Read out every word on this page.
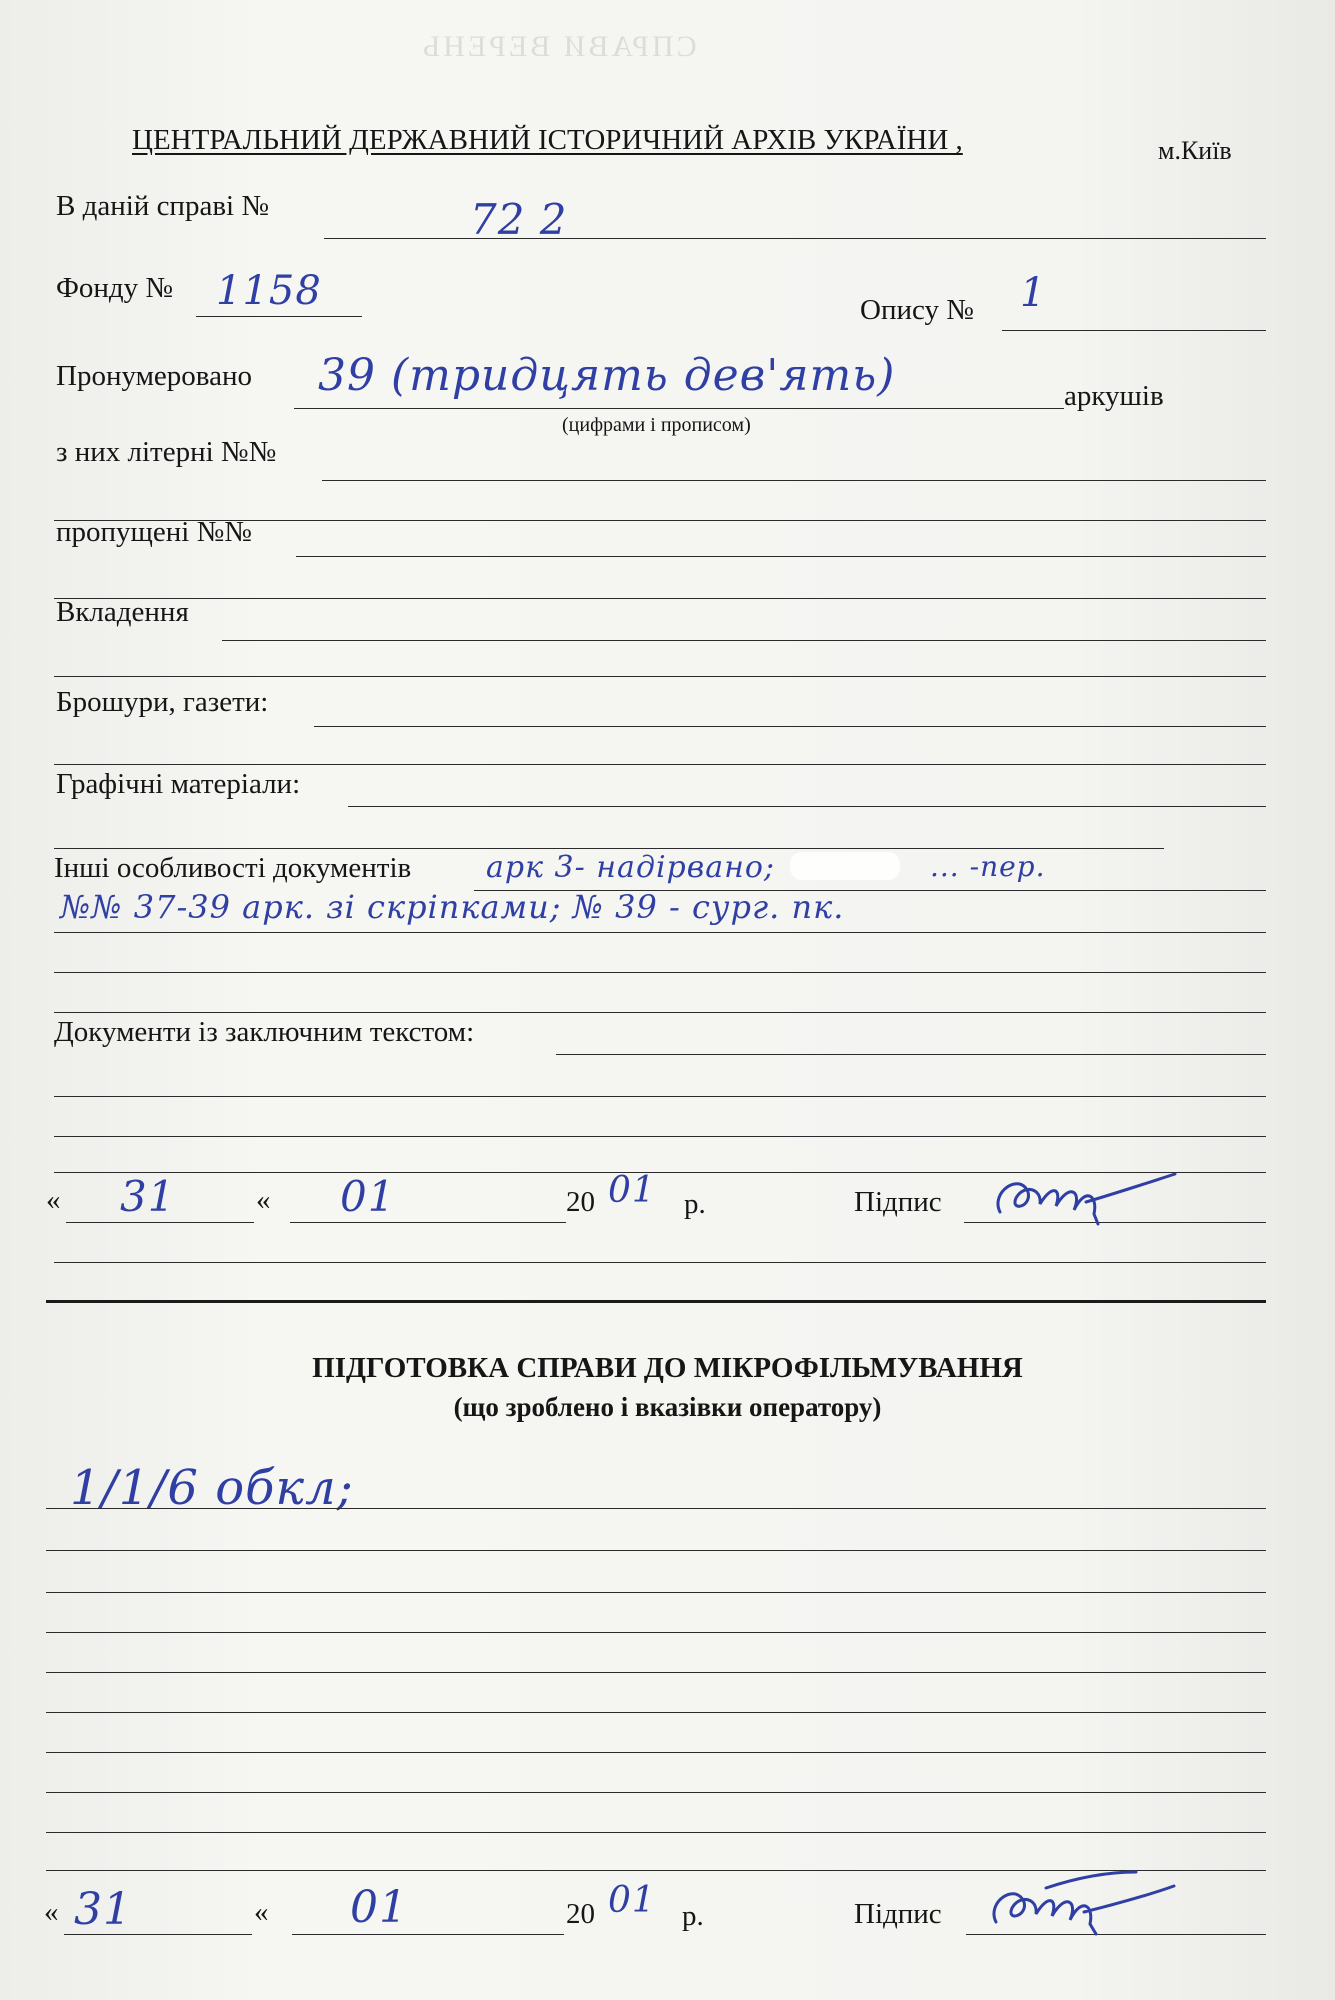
СПРАВИ ВЕРЕНЬ
ЦЕНТРАЛЬНИЙ ДЕРЖАВНИЙ ІСТОРИЧНИЙ АРХІВ УКРАЇНИ ,	м.Київ
В даній справі №	72 2
Фонду № 1158	Опису № 1
Пронумеровано 39 (тридцять дев'ять)	аркушів
(цифрами і прописом)
з них літерні №№
пропущені №№
Вкладення
Брошури, газети:
Графічні матеріали:
Інші особливості документів арк 3- надірвано;	... -пер.
№№ 37-39 арк. зі скріпками; № 39 - сург. пк.
Документи із заключним текстом:
« 31	« 01	20 01 р.	Підпис
ПІДГОТОВКА СПРАВИ ДО МІКРОФІЛЬМУВАННЯ
(що зроблено і вказівки оператору)
1/1/6 обкл;
« 31	« 01	20 01 р.	Підпис
